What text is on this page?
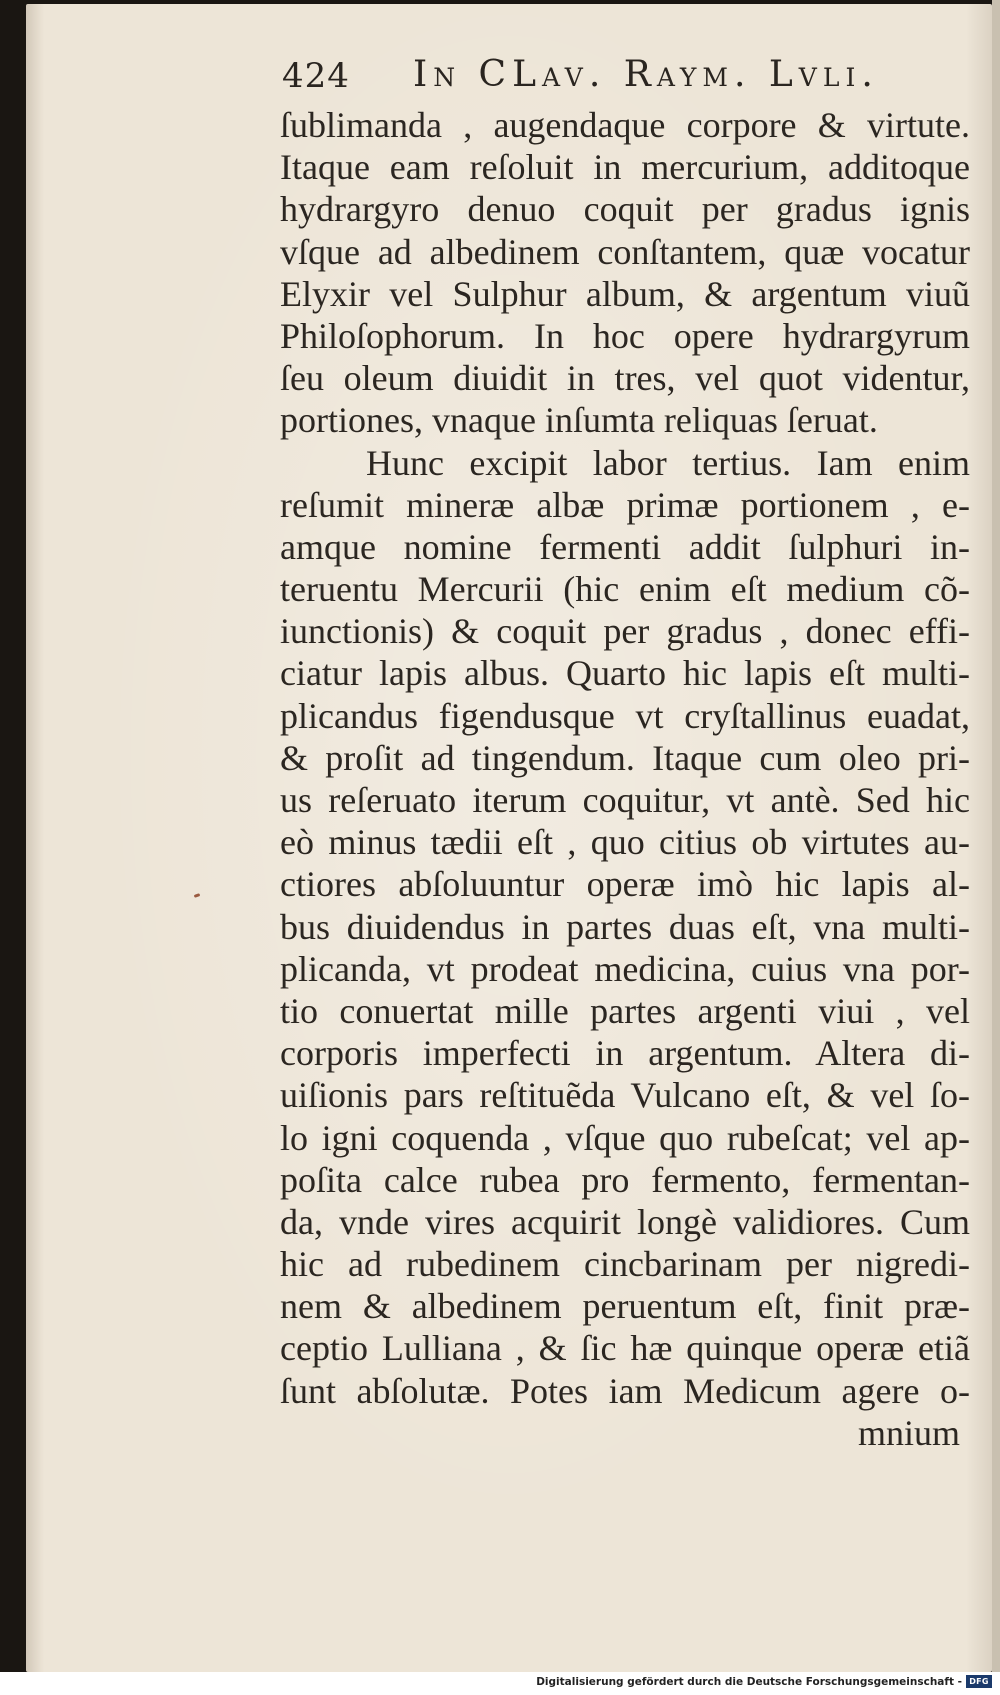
424 In CLav. Raym. Lvli.
ſublimanda , augendaque corpore & virtute.
Itaque eam reſoluit in mercurium, additoque
hydrargyro denuo coquit per gradus ignis
vſque ad albedinem conſtantem, quæ vocatur
Elyxir vel Sulphur album, & argentum viuũ
Philoſophorum. In hoc opere hydrargyrum
ſeu oleum diuidit in tres, vel quot videntur,
portiones, vnaque inſumta reliquas ſeruat.
Hunc excipit labor tertius. Iam enim
reſumit mineræ albæ primæ portionem , e-
amque nomine fermenti addit ſulphuri in-
teruentu Mercurii (hic enim eſt medium cõ-
iunctionis) & coquit per gradus , donec effi-
ciatur lapis albus. Quarto hic lapis eſt multi-
plicandus figendusque vt cryſtallinus euadat,
& proſit ad tingendum. Itaque cum oleo pri-
us reſeruato iterum coquitur, vt antè. Sed hic
eò minus tædii eſt , quo citius ob virtutes au-
ctiores abſoluuntur operæ imò hic lapis al-
bus diuidendus in partes duas eſt, vna multi-
plicanda, vt prodeat medicina, cuius vna por-
tio conuertat mille partes argenti viui , vel
corporis imperfecti in argentum. Altera di-
uiſionis pars reſtituẽda Vulcano eſt, & vel ſo-
lo igni coquenda , vſque quo rubeſcat; vel ap-
poſita calce rubea pro fermento, fermentan-
da, vnde vires acquirit longè validiores. Cum
hic ad rubedinem cincbarinam per nigredi-
nem & albedinem peruentum eſt, finit præ-
ceptio Lulliana , & ſic hæ quinque operæ etiã
ſunt abſolutæ. Potes iam Medicum agere o-
mnium
Digitalisierung gefördert durch die Deutsche Forschungsgemeinschaft - DFG
